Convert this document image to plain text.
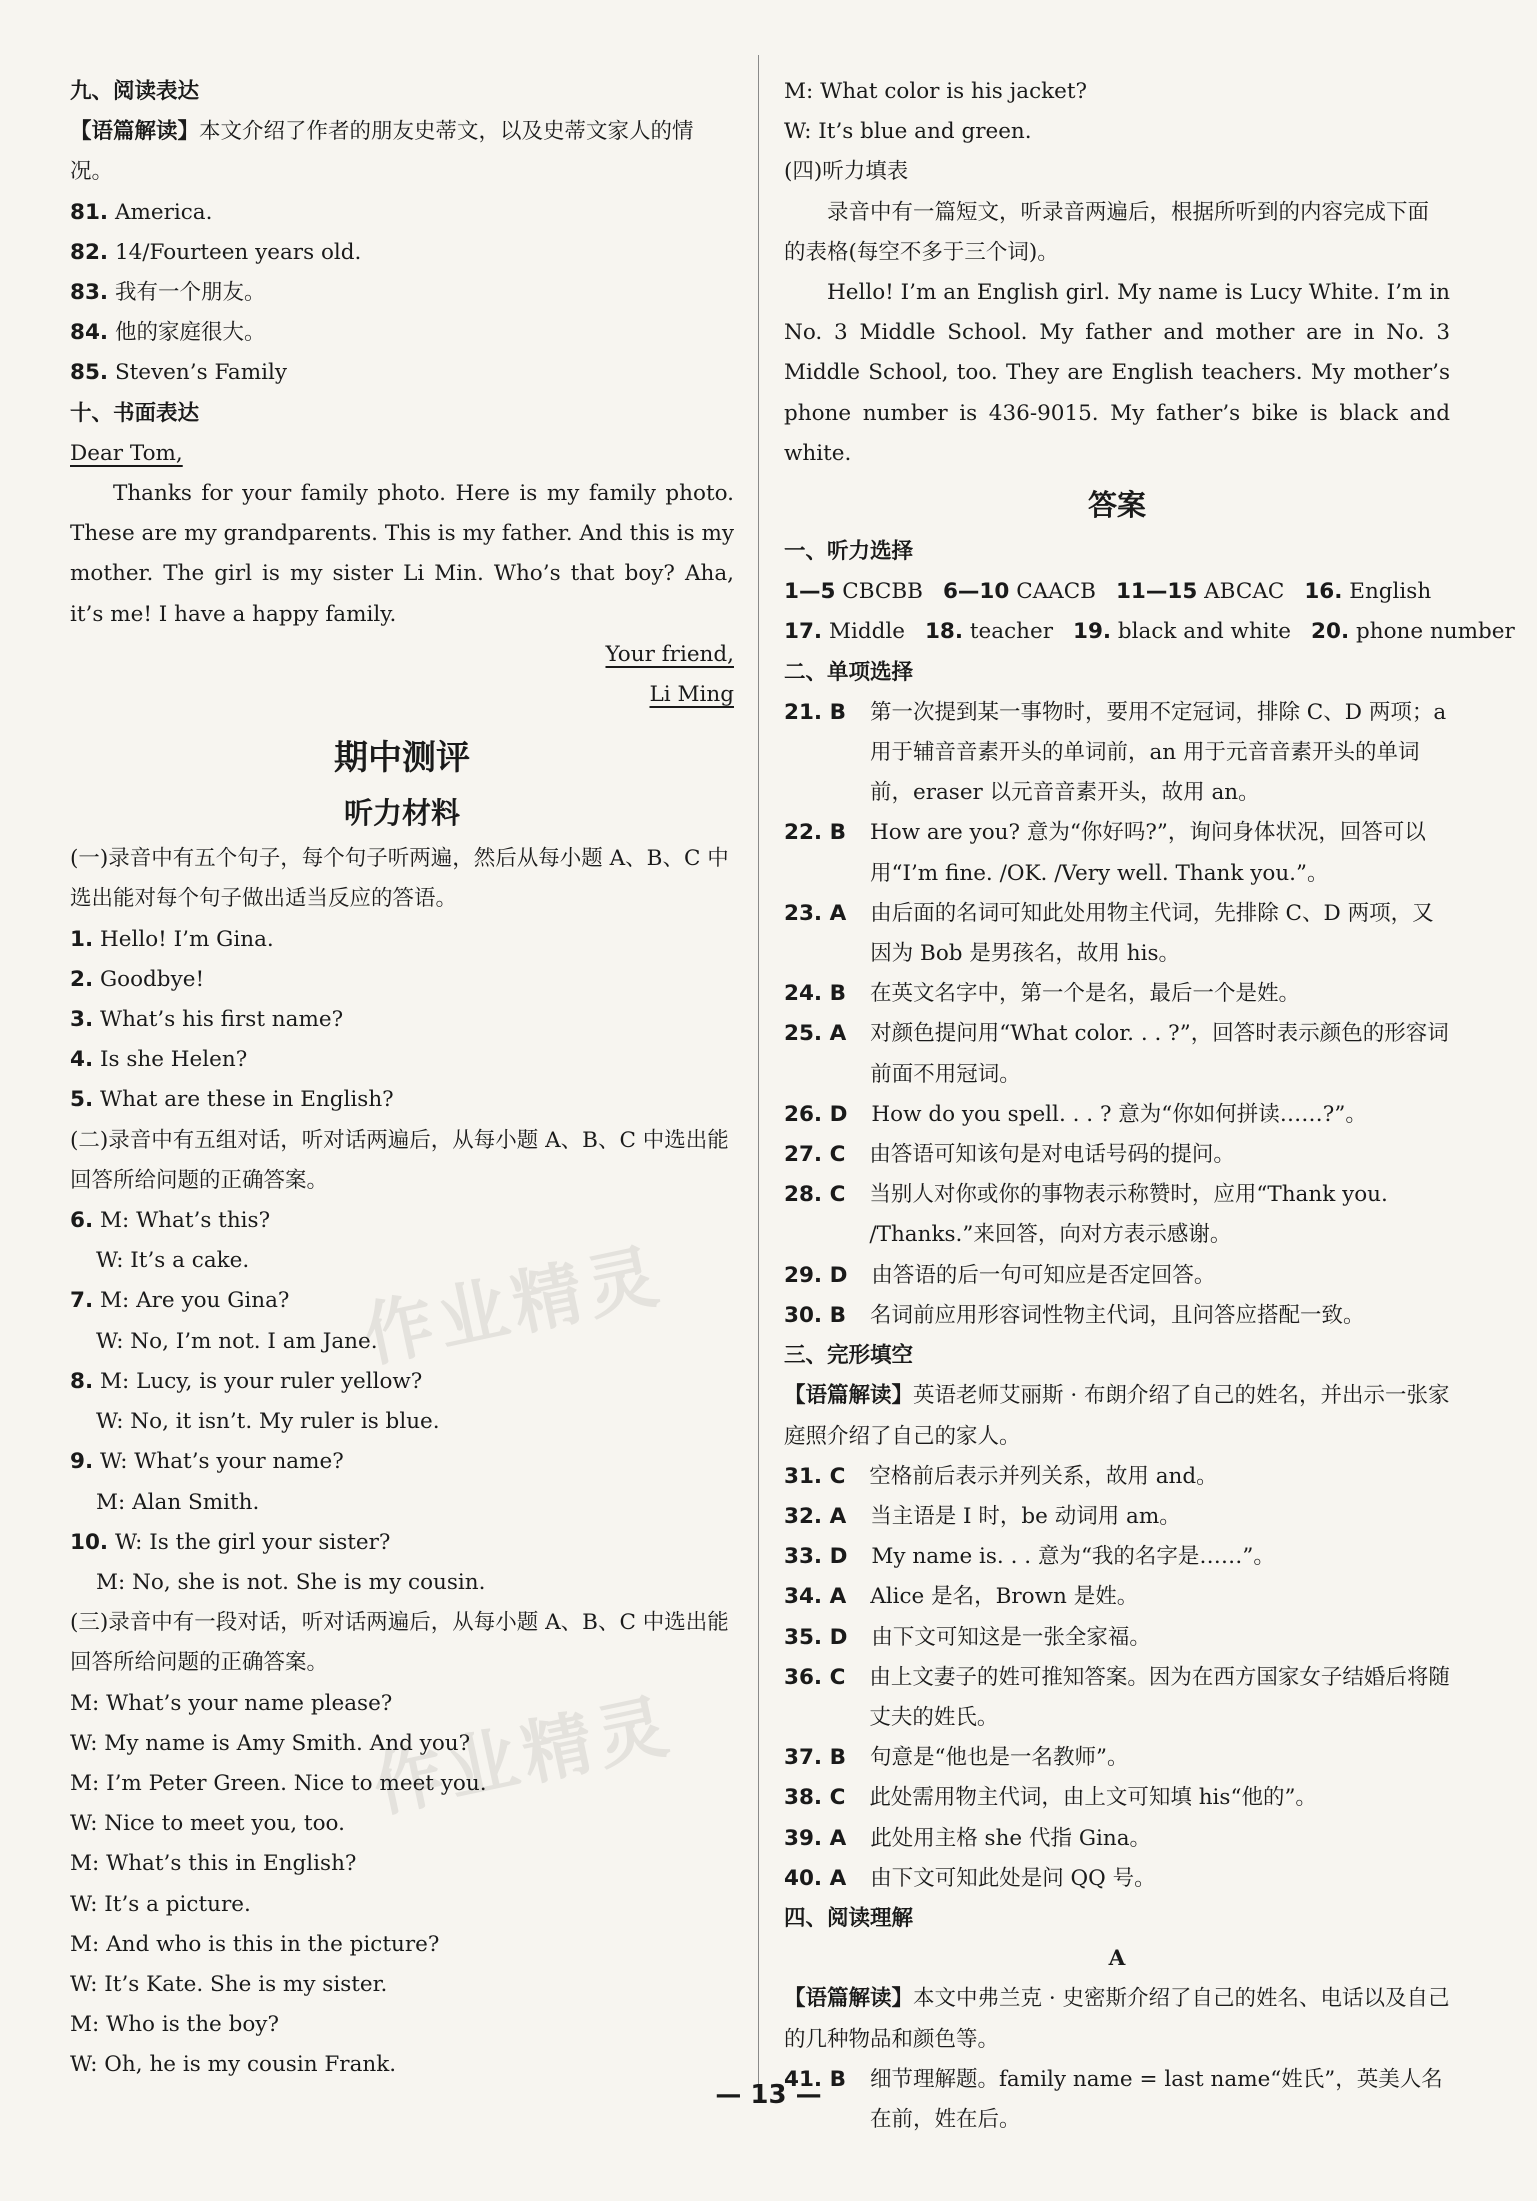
作业精灵
作业精灵
九、阅读表达
【语篇解读】本文介绍了作者的朋友史蒂文，以及史蒂文家人的情况。
81. America.
82. 14/Fourteen years old.
83. 我有一个朋友。
84. 他的家庭很大。
85. Steven’s Family
十、书面表达
Dear Tom,
Thanks for your family photo. Here is my family photo. These are my grandparents. This is my father. And this is my mother. The girl is my sister Li Min. Who’s that boy? Aha, it’s me! I have a happy family.
Your friend,
Li Ming
期中测评
听力材料
(一)录音中有五个句子，每个句子听两遍，然后从每小题 A、B、C 中选出能对每个句子做出适当反应的答语。
1. Hello! I’m Gina.
2. Goodbye!
3. What’s his first name?
4. Is she Helen?
5. What are these in English?
(二)录音中有五组对话，听对话两遍后，从每小题 A、B、C 中选出能回答所给问题的正确答案。
6. M: What’s this?
W: It’s a cake.
7. M: Are you Gina?
W: No, I’m not. I am Jane.
8. M: Lucy, is your ruler yellow?
W: No, it isn’t. My ruler is blue.
9. W: What’s your name?
M: Alan Smith.
10. W: Is the girl your sister?
M: No, she is not. She is my cousin.
(三)录音中有一段对话，听对话两遍后，从每小题 A、B、C 中选出能回答所给问题的正确答案。
M: What’s your name please?
W: My name is Amy Smith. And you?
M: I’m Peter Green. Nice to meet you.
W: Nice to meet you, too.
M: What’s this in English?
W: It’s a picture.
M: And who is this in the picture?
W: It’s Kate. She is my sister.
M: Who is the boy?
W: Oh, he is my cousin Frank.
M: What color is his jacket?
W: It’s blue and green.
(四)听力填表
录音中有一篇短文，听录音两遍后，根据所听到的内容完成下面的表格(每空不多于三个词)。
Hello! I’m an English girl. My name is Lucy White. I’m in No. 3 Middle School. My father and mother are in No. 3 Middle School, too. They are English teachers. My mother’s phone number is 436-9015. My father’s bike is black and white.
答案
一、听力选择
1—5 CBCBB 6—10 CAACB 11—15 ABCAC 16. English
17. Middle 18. teacher 19. black and white 20. phone number
二、单项选择
21. B	第一次提到某一事物时，要用不定冠词，排除 C、D 两项；a 用于辅音音素开头的单词前，an 用于元音音素开头的单词前，eraser 以元音音素开头，故用 an。
22. B	How are you? 意为“你好吗?”，询问身体状况，回答可以用“I’m fine. /OK. /Very well. Thank you.”。
23. A	由后面的名词可知此处用物主代词，先排除 C、D 两项，又因为 Bob 是男孩名，故用 his。
24. B	在英文名字中，第一个是名，最后一个是姓。
25. A	对颜色提问用“What color. . . ?”，回答时表示颜色的形容词前面不用冠词。
26. D	How do you spell. . . ? 意为“你如何拼读……?”。
27. C	由答语可知该句是对电话号码的提问。
28. C	当别人对你或你的事物表示称赞时，应用“Thank you. /Thanks.”来回答，向对方表示感谢。
29. D	由答语的后一句可知应是否定回答。
30. B	名词前应用形容词性物主代词，且问答应搭配一致。
三、完形填空
【语篇解读】英语老师艾丽斯 · 布朗介绍了自己的姓名，并出示一张家庭照介绍了自己的家人。
31. C	空格前后表示并列关系，故用 and。
32. A	当主语是 I 时，be 动词用 am。
33. D	My name is. . . 意为“我的名字是……”。
34. A	Alice 是名，Brown 是姓。
35. D	由下文可知这是一张全家福。
36. C	由上文妻子的姓可推知答案。因为在西方国家女子结婚后将随丈夫的姓氏。
37. B	句意是“他也是一名教师”。
38. C	此处需用物主代词，由上文可知填 his“他的”。
39. A	此处用主格 she 代指 Gina。
40. A	由下文可知此处是问 QQ 号。
四、阅读理解
A
【语篇解读】本文中弗兰克 · 史密斯介绍了自己的姓名、电话以及自己的几种物品和颜色等。
41. B	细节理解题。family name = last name“姓氏”，英美人名在前，姓在后。
— 13 —
